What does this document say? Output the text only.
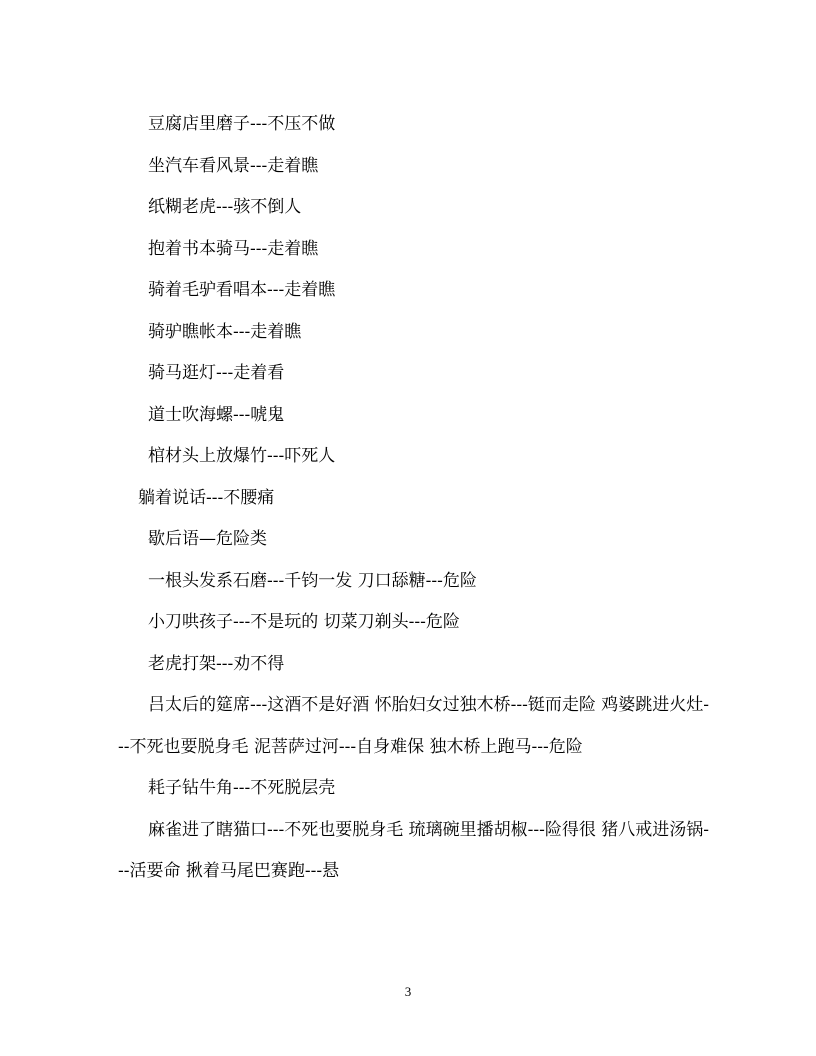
豆腐店里磨子---不压不做

坐汽车看风景---走着瞧

纸糊老虎---骇不倒人

抱着书本骑马---走着瞧

骑着毛驴看唱本---走着瞧

骑驴瞧帐本---走着瞧

骑马逛灯---走着看

道士吹海螺---唬鬼

棺材头上放爆竹---吓死人

躺着说话---不腰痛

歇后语—危险类

一根头发系石磨---千钧一发 刀口舔糖---危险

小刀哄孩子---不是玩的 切菜刀剃头---危险

老虎打架---劝不得

吕太后的筵席---这酒不是好酒 怀胎妇女过独木桥---铤而走险 鸡婆跳进火灶---不死也要脱身毛 泥菩萨过河---自身难保 独木桥上跑马---危险

耗子钻牛角---不死脱层壳

麻雀进了瞎猫口---不死也要脱身毛 琉璃碗里播胡椒---险得很 猪八戒进汤锅---活要命 揪着马尾巴赛跑---悬

3
